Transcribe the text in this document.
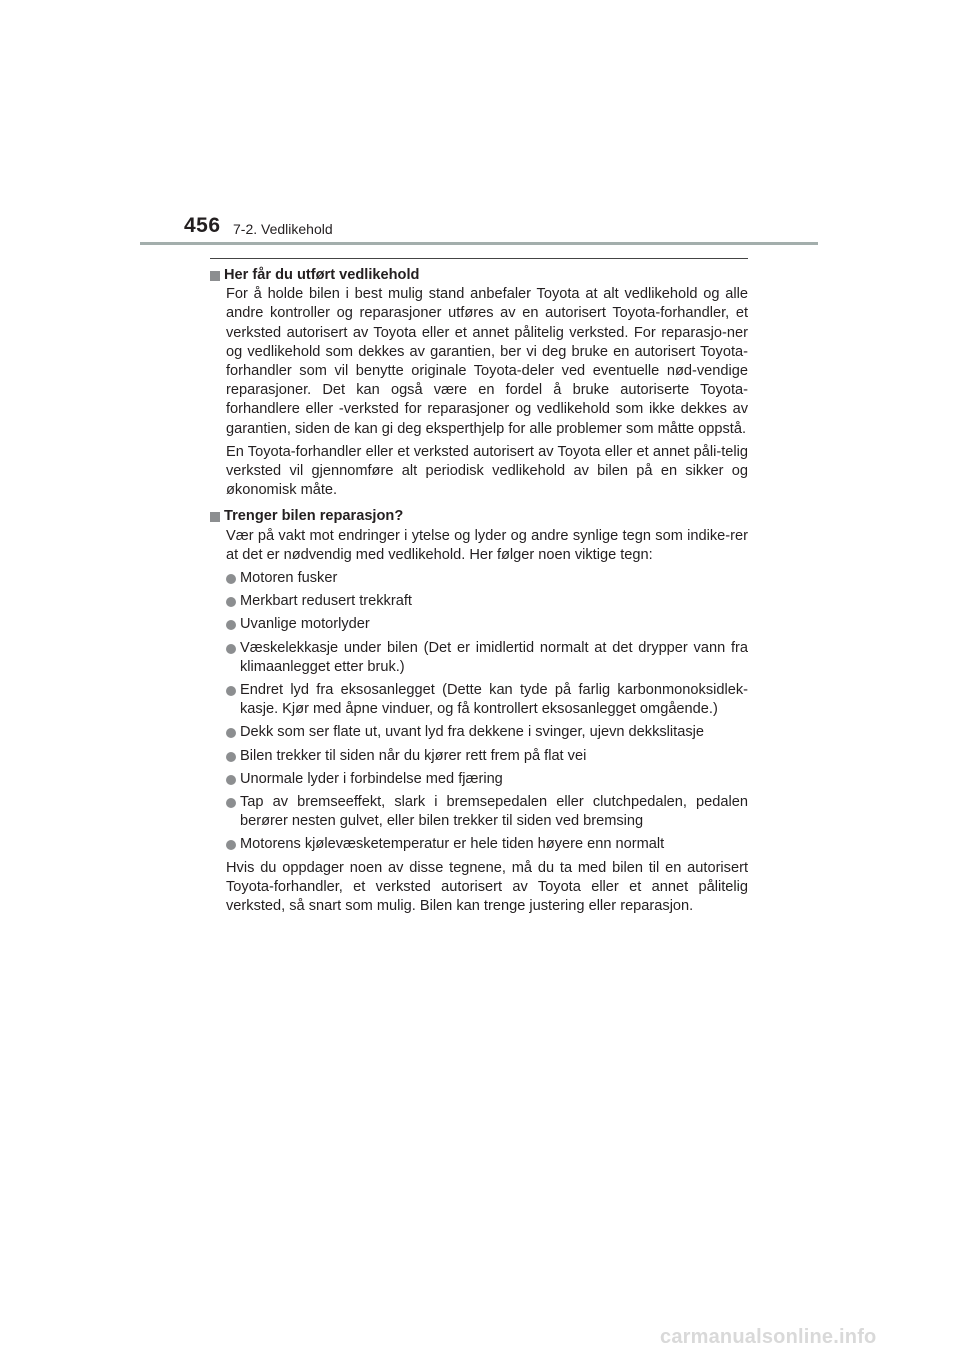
456 7-2. Vedlikehold
Her får du utført vedlikehold

For å holde bilen i best mulig stand anbefaler Toyota at alt vedlikehold og alle andre kontroller og reparasjoner utføres av en autorisert Toyota-forhandler, et verksted autorisert av Toyota eller et annet pålitelig verksted. For reparasjo-ner og vedlikehold som dekkes av garantien, ber vi deg bruke en autorisert Toyota-forhandler som vil benytte originale Toyota-deler ved eventuelle nød-vendige reparasjoner. Det kan også være en fordel å bruke autoriserte Toyota-forhandlere eller -verksted for reparasjoner og vedlikehold som ikke dekkes av garantien, siden de kan gi deg eksperthjelp for alle problemer som måtte oppstå.

En Toyota-forhandler eller et verksted autorisert av Toyota eller et annet påli-telig verksted vil gjennomføre alt periodisk vedlikehold av bilen på en sikker og økonomisk måte.

Trenger bilen reparasjon?

Vær på vakt mot endringer i ytelse og lyder og andre synlige tegn som indike-rer at det er nødvendig med vedlikehold. Her følger noen viktige tegn:

Motoren fusker
Merkbart redusert trekkraft
Uvanlige motorlyder
Væskelekkasje under bilen (Det er imidlertid normalt at det drypper vann fra klimaanlegget etter bruk.)
Endret lyd fra eksosanlegget (Dette kan tyde på farlig karbonmonoksidlek-kasje. Kjør med åpne vinduer, og få kontrollert eksosanlegget omgående.)
Dekk som ser flate ut, uvant lyd fra dekkene i svinger, ujevn dekkslitasje
Bilen trekker til siden når du kjører rett frem på flat vei
Unormale lyder i forbindelse med fjæring
Tap av bremseeffekt, slark i bremsepedalen eller clutchpedalen, pedalen berører nesten gulvet, eller bilen trekker til siden ved bremsing
Motorens kjølevæsketemperatur er hele tiden høyere enn normalt

Hvis du oppdager noen av disse tegnene, må du ta med bilen til en autorisert Toyota-forhandler, et verksted autorisert av Toyota eller et annet pålitelig verksted, så snart som mulig. Bilen kan trenge justering eller reparasjon.

carmanualsonline.info
